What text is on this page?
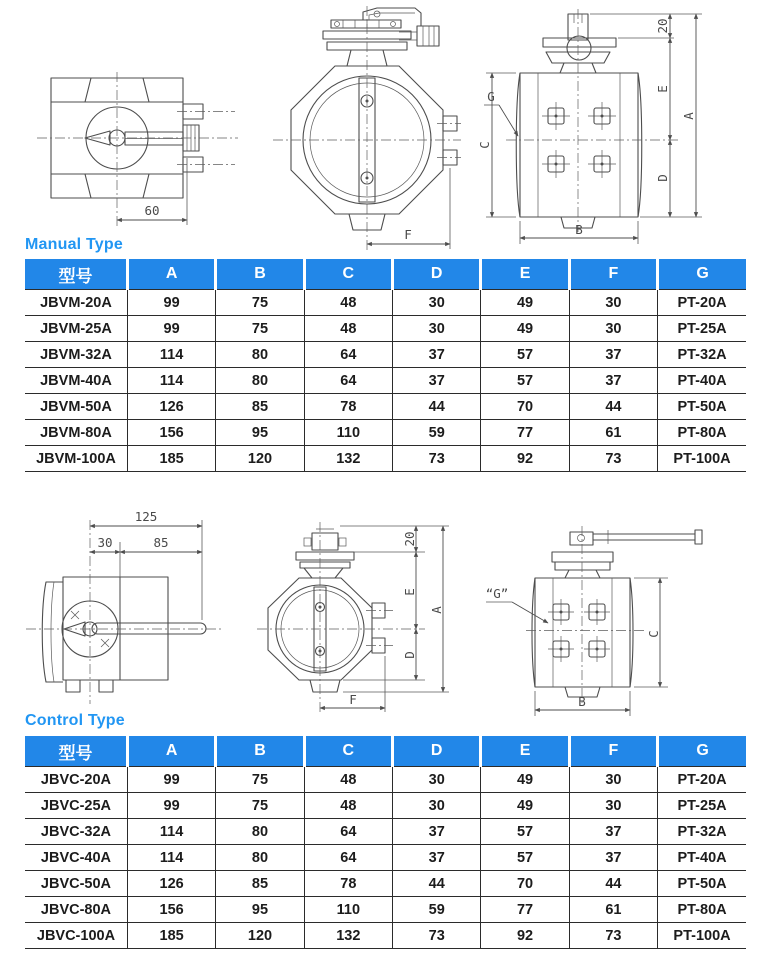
60
F
20
E
D
A
C
B
G
Manual Type
型号	A	B	C	D	E	F	G
JBVM-20A	99	75	48	30	49	30	PT-20A
JBVM-25A	99	75	48	30	49	30	PT-25A
JBVM-32A	114	80	64	37	57	37	PT-32A
JBVM-40A	114	80	64	37	57	37	PT-40A
JBVM-50A	126	85	78	44	70	44	PT-50A
JBVM-80A	156	95	110	59	77	61	PT-80A
JBVM-100A	185	120	132	73	92	73	PT-100A
125
30	85	20
E
D
A
F
“G”
C
B
Control Type
型号	A	B	C	D	E	F	G
JBVC-20A	99	75	48	30	49	30	PT-20A
JBVC-25A	99	75	48	30	49	30	PT-25A
JBVC-32A	114	80	64	37	57	37	PT-32A
JBVC-40A	114	80	64	37	57	37	PT-40A
JBVC-50A	126	85	78	44	70	44	PT-50A
JBVC-80A	156	95	110	59	77	61	PT-80A
JBVC-100A	185	120	132	73	92	73	PT-100A
